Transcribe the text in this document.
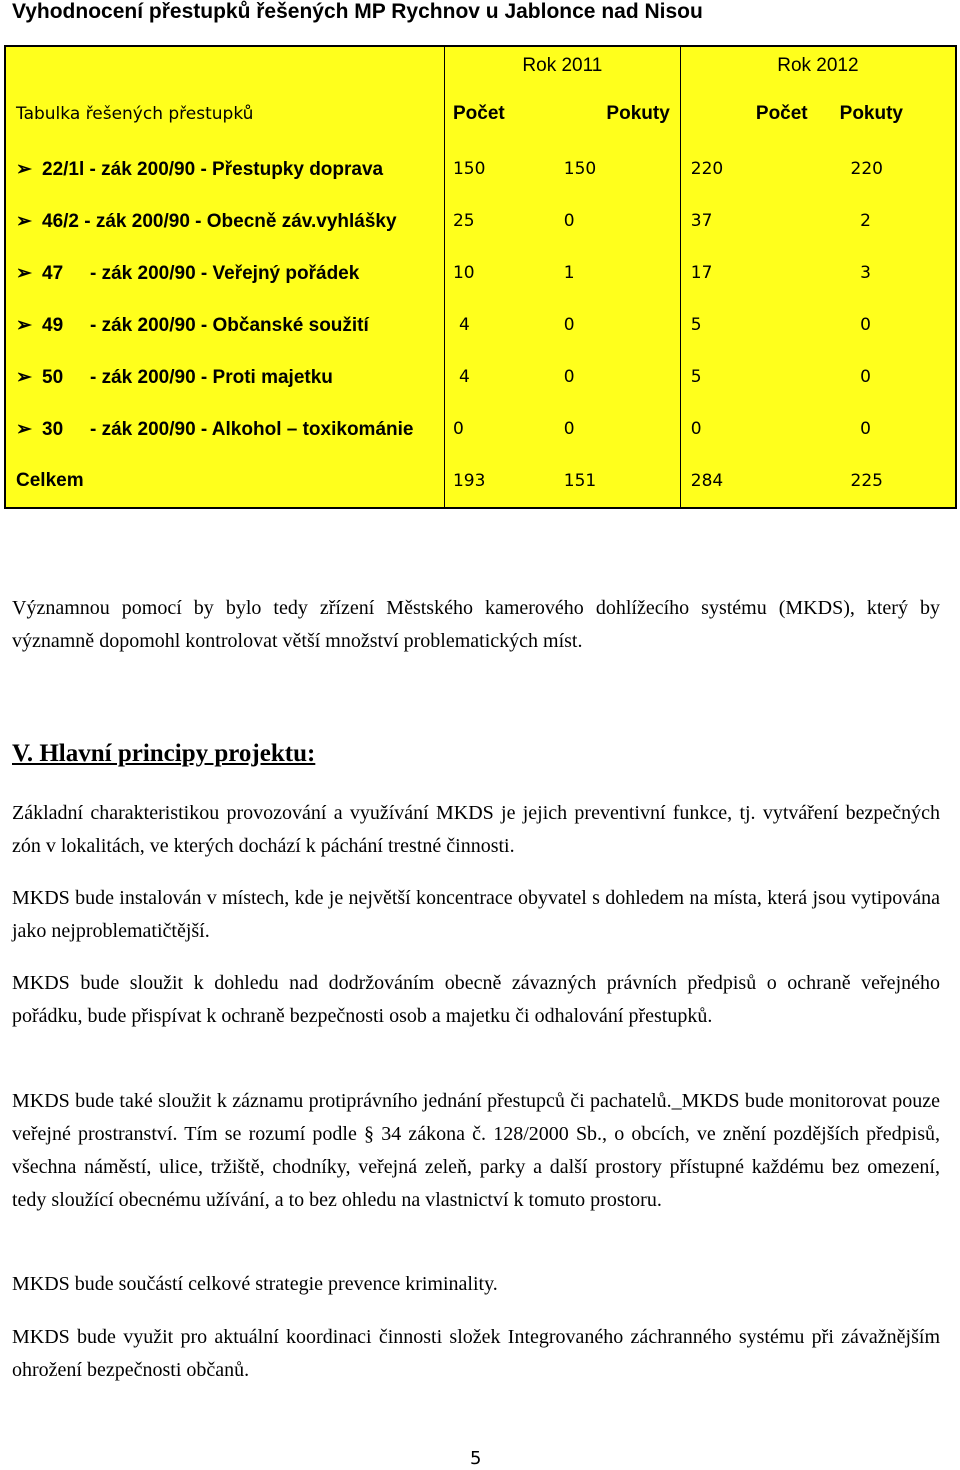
Vyhodnocení přestupků řešených MP Rychnov u Jablonce nad Nisou
	Rok 2011		Rok 2012	
Tabulka řešených přestupků	Počet	Pokuty	Počet	Pokuty
➢ 22/1l - zák 200/90 - Přestupky doprava	150	150	220	220
➢ 46/2 - zák 200/90 - Obecně záv.vyhlášky	25	0	37	2
➢ 47 - zák 200/90 - Veřejný pořádek	10	1	17	3
➢ 49 - zák 200/90 - Občanské soužití	4	0	5	0
➢ 50 - zák 200/90 - Proti majetku	4	0	5	0
➢ 30 - zák 200/90 - Alkohol – toxikománie	0	0	0	0
Celkem	193	151	284	225

Významnou pomocí by bylo tedy zřízení Městského kamerového dohlížecího systému (MKDS), který by významně dopomohl kontrolovat větší množství problematických míst.

V. Hlavní principy projektu:

Základní charakteristikou provozování a využívání MKDS je jejich preventivní funkce, tj. vytváření bezpečných zón v lokalitách, ve kterých dochází k páchání trestné činnosti.

MKDS bude instalován v místech, kde je největší koncentrace obyvatel s dohledem na místa, která jsou vytipována jako nejproblematičtější.

MKDS bude sloužit k dohledu nad dodržováním obecně závazných právních předpisů o ochraně veřejného pořádku, bude přispívat k ochraně bezpečnosti osob a majetku či odhalování přestupků.

MKDS bude také sloužit k záznamu protiprávního jednání přestupců či pachatelů._MKDS bude monitorovat pouze veřejné prostranství. Tím se rozumí podle § 34 zákona č. 128/2000 Sb., o obcích, ve znění pozdějších předpisů, všechna náměstí, ulice, tržiště, chodníky, veřejná zeleň, parky a další prostory přístupné každému bez omezení, tedy sloužící obecnému užívání, a to bez ohledu na vlastnictví k tomuto prostoru.

MKDS bude součástí celkové strategie prevence kriminality.

MKDS bude využit pro aktuální koordinaci činnosti složek Integrovaného záchranného systému při závažnějším ohrožení bezpečnosti občanů.

5
